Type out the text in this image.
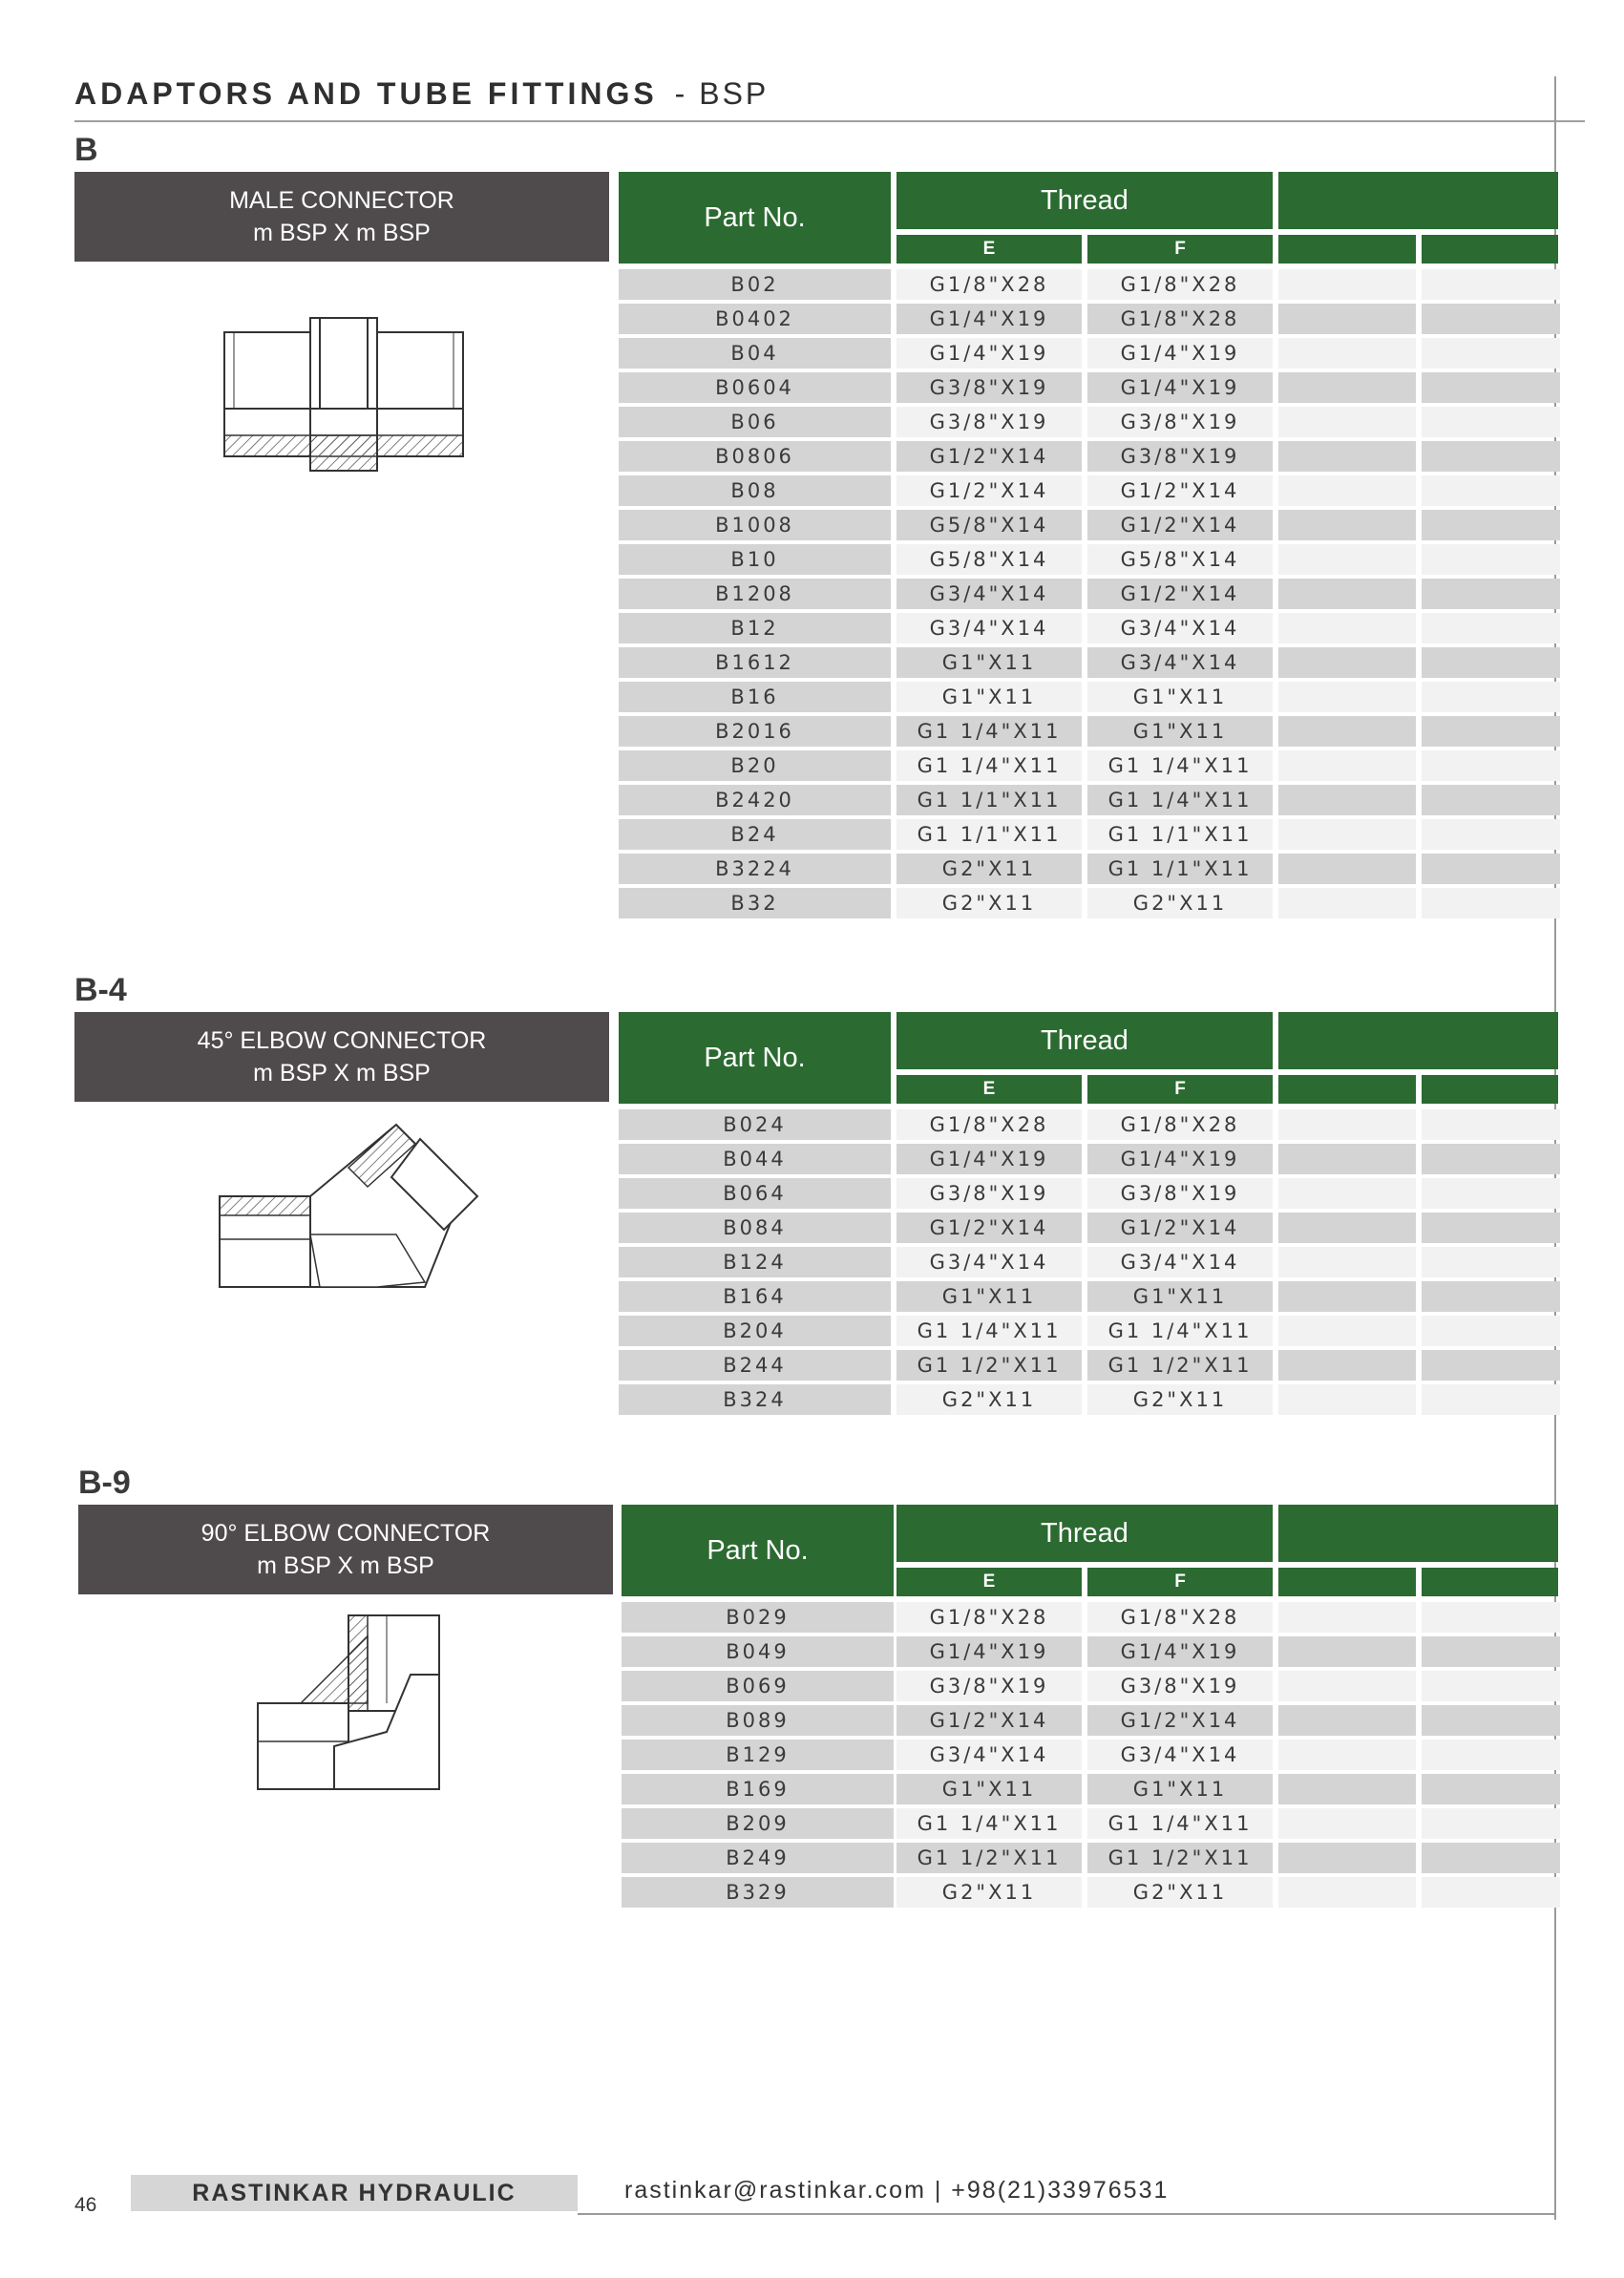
ADAPTORS AND TUBE FITTINGS - BSP
B
MALE CONNECTOR
m BSP X m BSP
Part No.
Thread
E	F
B02	G1/8"X28	G1/8"X28
B0402	G1/4"X19	G1/8"X28
B04	G1/4"X19	G1/4"X19
B0604	G3/8"X19	G1/4"X19
B06	G3/8"X19	G3/8"X19
B0806	G1/2"X14	G3/8"X19
B08	G1/2"X14	G1/2"X14
B1008	G5/8"X14	G1/2"X14
B10	G5/8"X14	G5/8"X14
B1208	G3/4"X14	G1/2"X14
B12	G3/4"X14	G3/4"X14
B1612	G1"X11	G3/4"X14
B16	G1"X11	G1"X11
B2016	G1 1/4"X11	G1"X11
B20	G1 1/4"X11	G1 1/4"X11
B2420	G1 1/1"X11	G1 1/4"X11
B24	G1 1/1"X11	G1 1/1"X11
B3224	G2"X11	G1 1/1"X11
B32	G2"X11	G2"X11
B-4
45° ELBOW CONNECTOR
m BSP X m BSP
Part No.
Thread
E	F
B024	G1/8"X28	G1/8"X28
B044	G1/4"X19	G1/4"X19
B064	G3/8"X19	G3/8"X19
B084	G1/2"X14	G1/2"X14
B124	G3/4"X14	G3/4"X14
B164	G1"X11	G1"X11
B204	G1 1/4"X11	G1 1/4"X11
B244	G1 1/2"X11	G1 1/2"X11
B324	G2"X11	G2"X11
B-9
90° ELBOW CONNECTOR
m BSP X m BSP
Part No.
Thread
E	F
B029	G1/8"X28	G1/8"X28
B049	G1/4"X19	G1/4"X19
B069	G3/8"X19	G3/8"X19
B089	G1/2"X14	G1/2"X14
B129	G3/4"X14	G3/4"X14
B169	G1"X11	G1"X11
B209	G1 1/4"X11	G1 1/4"X11
B249	G1 1/2"X11	G1 1/2"X11
B329	G2"X11	G2"X11
46	RASTINKAR HYDRAULIC	rastinkar@rastinkar.com | +98(21)33976531
